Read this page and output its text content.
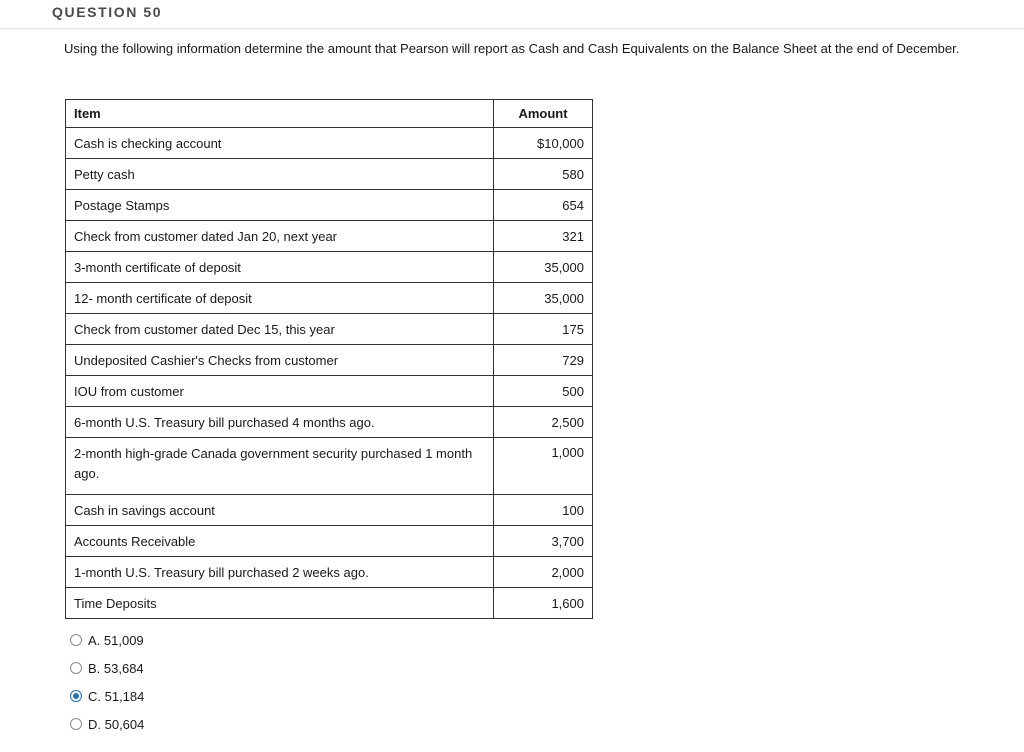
QUESTION 50
Using the following information determine the amount that Pearson will report as Cash and Cash Equivalents on the Balance Sheet at the end of December.
Item	Amount
Cash is checking account	$10,000
Petty cash	580
Postage Stamps	654
Check from customer dated Jan 20, next year	321
3-month certificate of deposit	35,000
12- month certificate of deposit	35,000
Check from customer dated Dec 15, this year	175
Undeposited Cashier's Checks from customer	729
IOU from customer	500
6-month U.S. Treasury bill purchased 4 months ago.	2,500
2-month high-grade Canada government security purchased 1 month ago.	1,000
Cash in savings account	100
Accounts Receivable	3,700
1-month U.S. Treasury bill purchased 2 weeks ago.	2,000
Time Deposits	1,600
A. 51,009
B. 53,684
C. 51,184
D. 50,604
